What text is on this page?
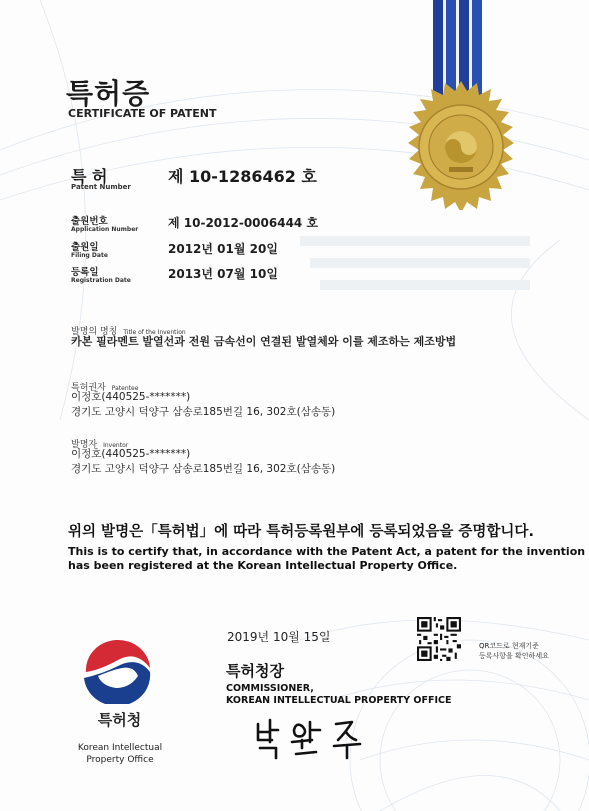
특허증
CERTIFICATE OF PATENT
특 허
Patent Number
제 10-1286462 호
출원번호
Application Number 제 10-2012-0006444 호
출원일
Filing Date	2012년 01월 20일
등록일
Registration Date	2013년 07월 10일
발명의 명칭 Title of the Invention
카본 필라멘트 발열선과 전원 금속선이 연결된 발열체와 이를 제조하는 제조방법
특허권자 Patentee
이정호(440525-*******)
경기도 고양시 덕양구 삼송로185번길 16, 302호(삼송동)
발명자 Inventor
이정호(440525-*******)
경기도 고양시 덕양구 삼송로185번길 16, 302호(삼송동)
위의 발명은「특허법」에 따라 특허등록원부에 등록되었음을 증명합니다.
This is to certify that, in accordance with the Patent Act, a patent for the invention
has been registered at the Korean Intellectual Property Office.
2019년 10월 15일
QR코드로 현재기준
등록사항을 확인하세요
특허청장
COMMISSIONER,
KOREAN INTELLECTUAL PROPERTY OFFICE
특허청
Korean Intellectual
Property Office
